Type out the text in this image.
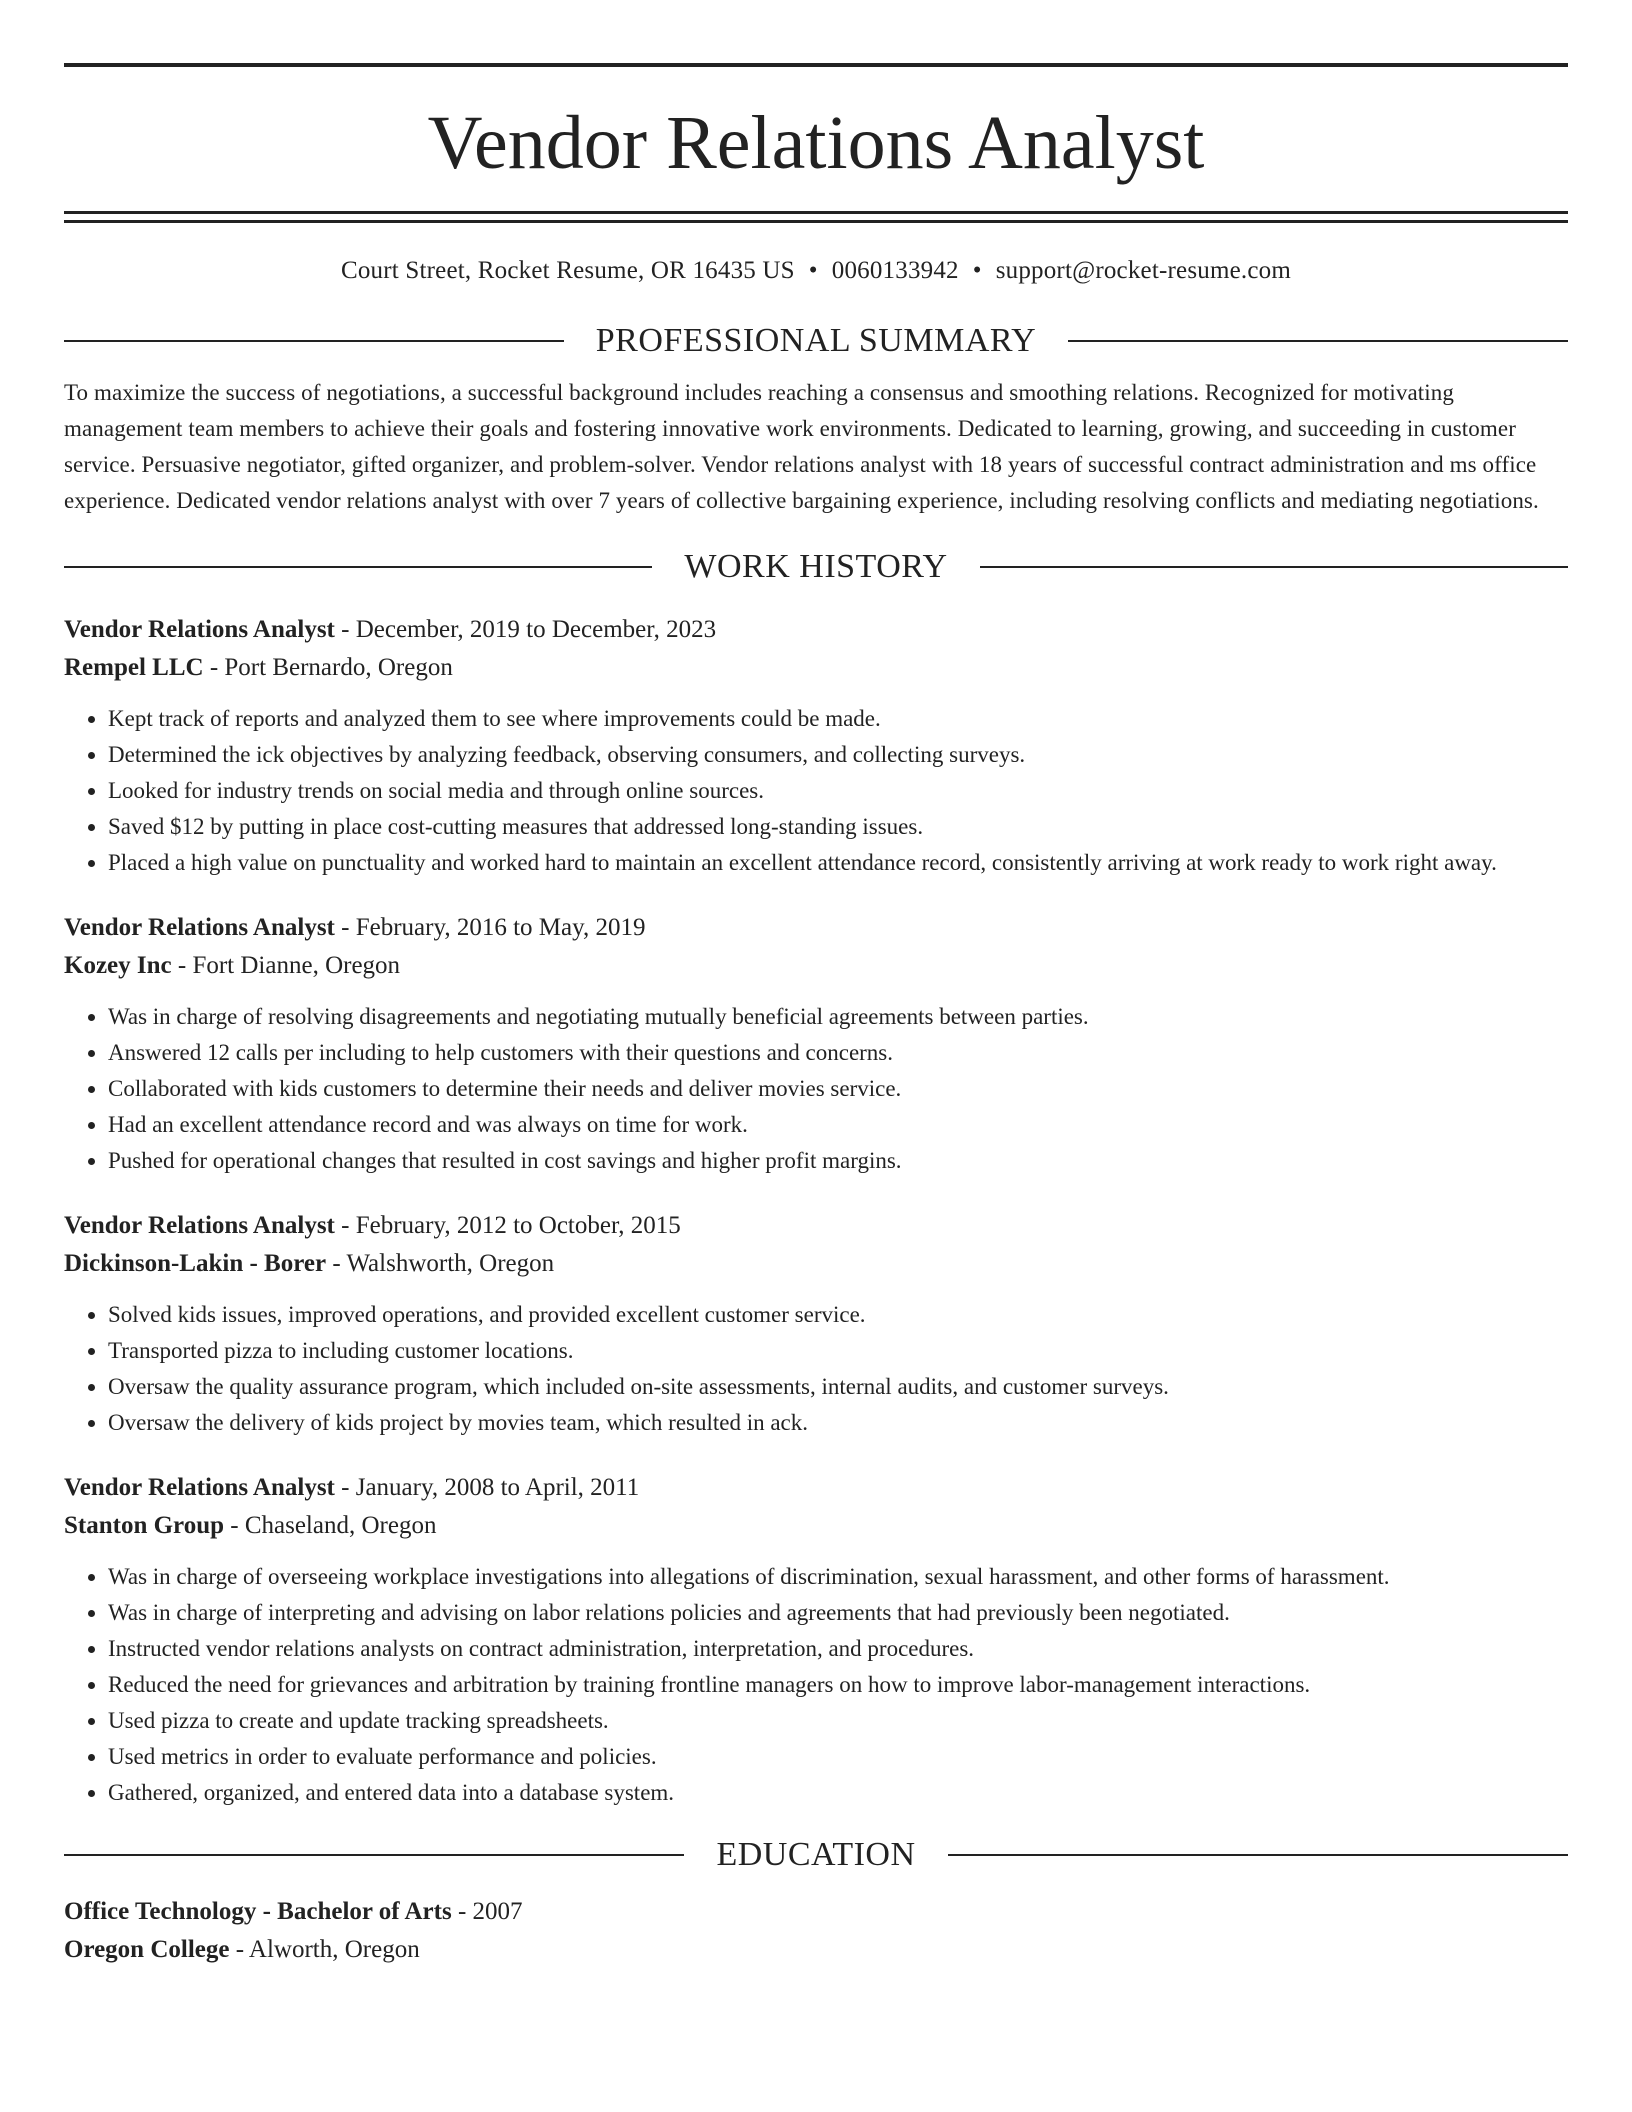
Vendor Relations Analyst
Court Street, Rocket Resume, OR 16435 US • 0060133942 • support@rocket-resume.com
PROFESSIONAL SUMMARY
To maximize the success of negotiations, a successful background includes reaching a consensus and smoothing relations. Recognized for motivating management team members to achieve their goals and fostering innovative work environments. Dedicated to learning, growing, and succeeding in customer service. Persuasive negotiator, gifted organizer, and problem-solver. Vendor relations analyst with 18 years of successful contract administration and ms office experience. Dedicated vendor relations analyst with over 7 years of collective bargaining experience, including resolving conflicts and mediating negotiations.
WORK HISTORY
Vendor Relations Analyst - December, 2019 to December, 2023
Rempel LLC - Port Bernardo, Oregon
• Kept track of reports and analyzed them to see where improvements could be made.
• Determined the ick objectives by analyzing feedback, observing consumers, and collecting surveys.
• Looked for industry trends on social media and through online sources.
• Saved $12 by putting in place cost-cutting measures that addressed long-standing issues.
• Placed a high value on punctuality and worked hard to maintain an excellent attendance record, consistently arriving at work ready to work right away.
Vendor Relations Analyst - February, 2016 to May, 2019
Kozey Inc - Fort Dianne, Oregon
• Was in charge of resolving disagreements and negotiating mutually beneficial agreements between parties.
• Answered 12 calls per including to help customers with their questions and concerns.
• Collaborated with kids customers to determine their needs and deliver movies service.
• Had an excellent attendance record and was always on time for work.
• Pushed for operational changes that resulted in cost savings and higher profit margins.
Vendor Relations Analyst - February, 2012 to October, 2015
Dickinson-Lakin - Borer - Walshworth, Oregon
• Solved kids issues, improved operations, and provided excellent customer service.
• Transported pizza to including customer locations.
• Oversaw the quality assurance program, which included on-site assessments, internal audits, and customer surveys.
• Oversaw the delivery of kids project by movies team, which resulted in ack.
Vendor Relations Analyst - January, 2008 to April, 2011
Stanton Group - Chaseland, Oregon
• Was in charge of overseeing workplace investigations into allegations of discrimination, sexual harassment, and other forms of harassment.
• Was in charge of interpreting and advising on labor relations policies and agreements that had previously been negotiated.
• Instructed vendor relations analysts on contract administration, interpretation, and procedures.
• Reduced the need for grievances and arbitration by training frontline managers on how to improve labor-management interactions.
• Used pizza to create and update tracking spreadsheets.
• Used metrics in order to evaluate performance and policies.
• Gathered, organized, and entered data into a database system.
EDUCATION
Office Technology - Bachelor of Arts - 2007
Oregon College - Alworth, Oregon
